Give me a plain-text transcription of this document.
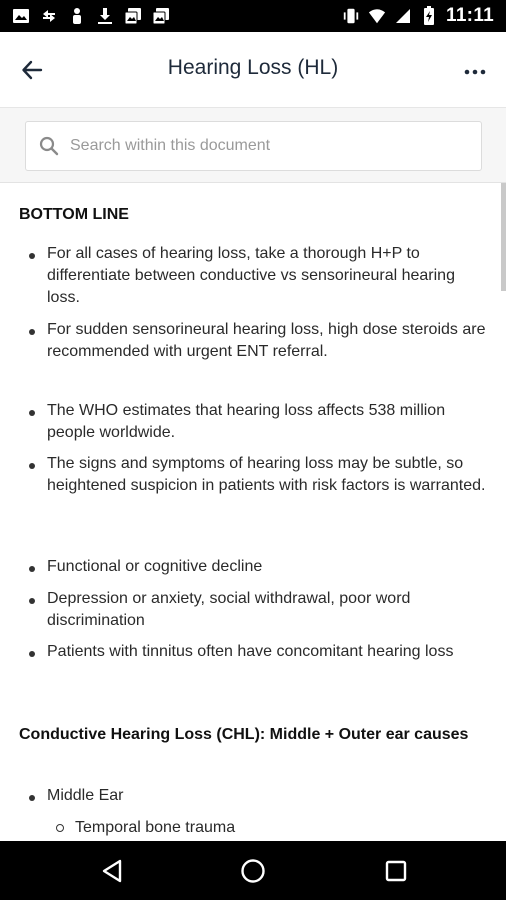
11:11
Hearing Loss (HL)
Search within this document
BOTTOM LINE
For all cases of hearing loss, take a thorough H+P to differentiate between conductive vs sensorineural hearing loss.
For sudden sensorineural hearing loss, high dose steroids are recommended with urgent ENT referral.
The WHO estimates that hearing loss affects 538 million people worldwide.
The signs and symptoms of hearing loss may be subtle, so heightened suspicion in patients with risk factors is warranted.
Functional or cognitive decline
Depression or anxiety, social withdrawal, poor word discrimination
Patients with tinnitus often have concomitant hearing loss
Conductive Hearing Loss (CHL): Middle + Outer ear causes
Middle Ear
Temporal bone trauma
